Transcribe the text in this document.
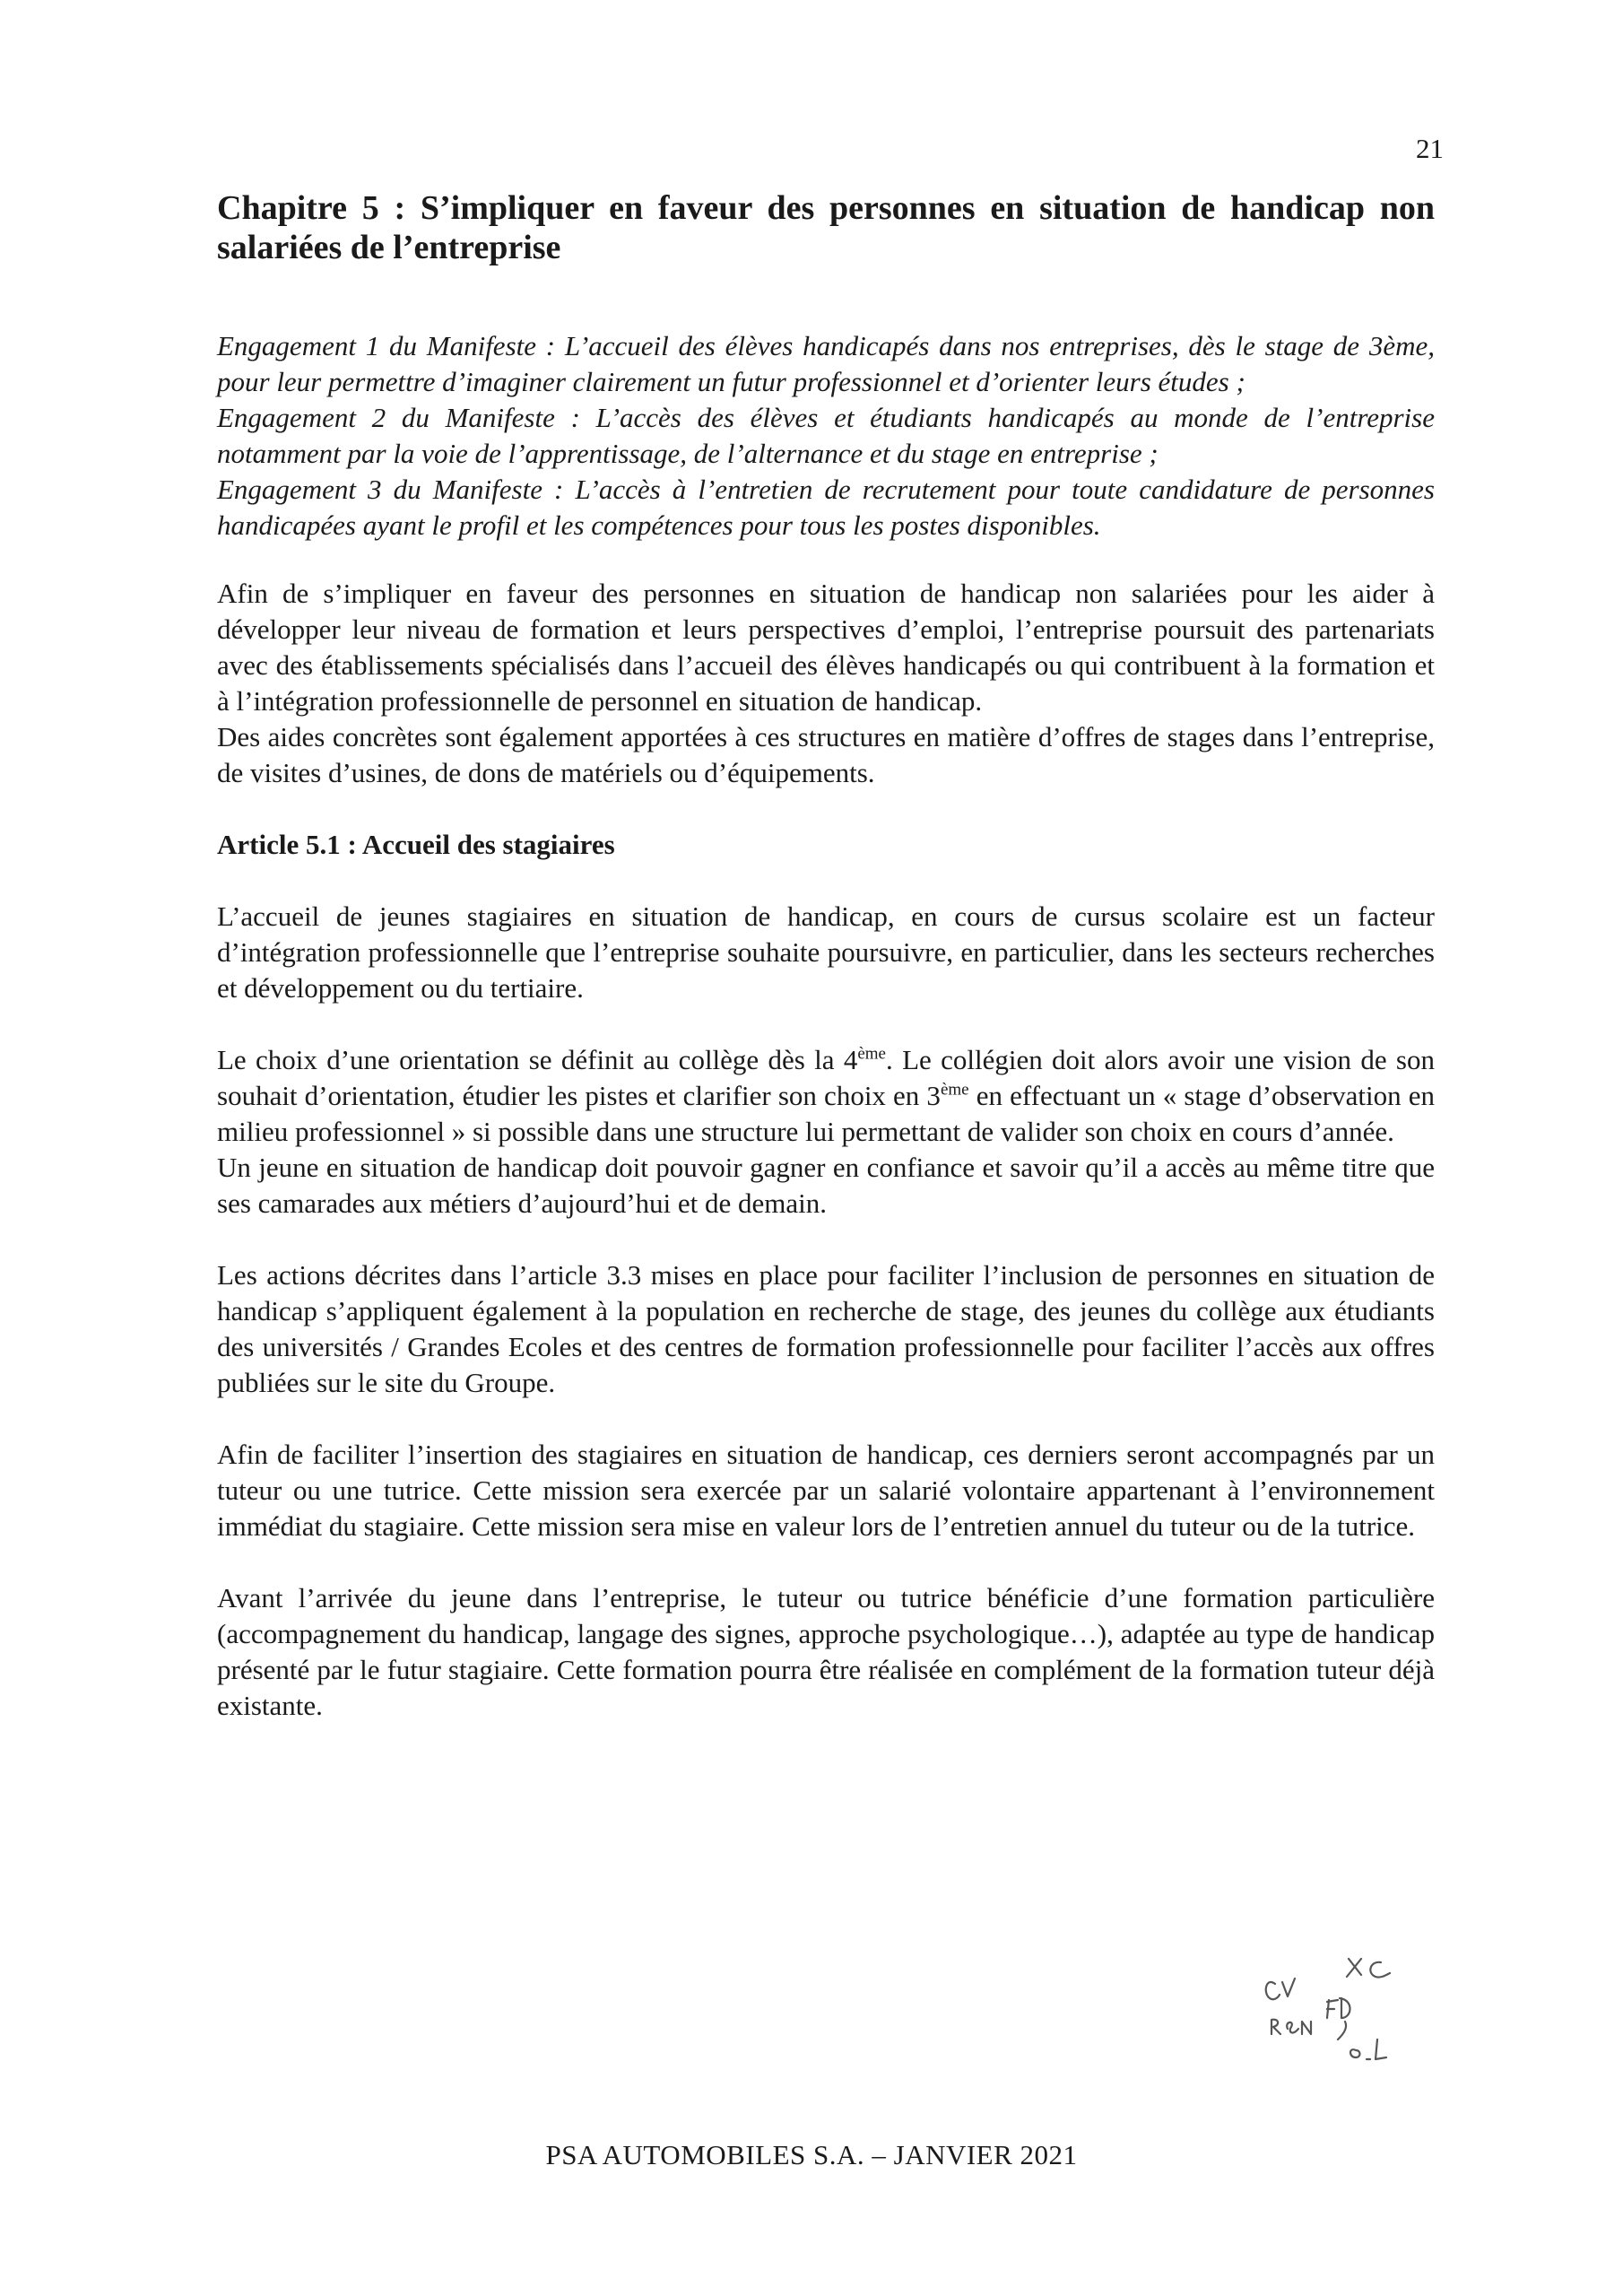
21
Chapitre 5 : S’impliquer en faveur des personnes en situation de handicap non salariées de l’entreprise

Engagement 1 du Manifeste : L’accueil des élèves handicapés dans nos entreprises, dès le stage de 3ème, pour leur permettre d’imaginer clairement un futur professionnel et d’orienter leurs études ;

Engagement 2 du Manifeste : L’accès des élèves et étudiants handicapés au monde de l’entreprise notamment par la voie de l’apprentissage, de l’alternance et du stage en entreprise ;

Engagement 3 du Manifeste : L’accès à l’entretien de recrutement pour toute candidature de personnes handicapées ayant le profil et les compétences pour tous les postes disponibles.

Afin de s’impliquer en faveur des personnes en situation de handicap non salariées pour les aider à développer leur niveau de formation et leurs perspectives d’emploi, l’entreprise poursuit des partenariats avec des établissements spécialisés dans l’accueil des élèves handicapés ou qui contribuent à la formation et à l’intégration professionnelle de personnel en situation de handicap.

Des aides concrètes sont également apportées à ces structures en matière d’offres de stages dans l’entreprise, de visites d’usines, de dons de matériels ou d’équipements.

Article 5.1 : Accueil des stagiaires

L’accueil de jeunes stagiaires en situation de handicap, en cours de cursus scolaire est un facteur d’intégration professionnelle que l’entreprise souhaite poursuivre, en particulier, dans les secteurs recherches et développement ou du tertiaire.

Le choix d’une orientation se définit au collège dès la 4ème. Le collégien doit alors avoir une vision de son souhait d’orientation, étudier les pistes et clarifier son choix en 3ème en effectuant un « stage d’observation en milieu professionnel » si possible dans une structure lui permettant de valider son choix en cours d’année.

Un jeune en situation de handicap doit pouvoir gagner en confiance et savoir qu’il a accès au même titre que ses camarades aux métiers d’aujourd’hui et de demain.

Les actions décrites dans l’article 3.3 mises en place pour faciliter l’inclusion de personnes en situation de handicap s’appliquent également à la population en recherche de stage, des jeunes du collège aux étudiants des universités / Grandes Ecoles et des centres de formation professionnelle pour faciliter l’accès aux offres publiées sur le site du Groupe.

Afin de faciliter l’insertion des stagiaires en situation de handicap, ces derniers seront accompagnés par un tuteur ou une tutrice. Cette mission sera exercée par un salarié volontaire appartenant à l’environnement immédiat du stagiaire. Cette mission sera mise en valeur lors de l’entretien annuel du tuteur ou de la tutrice.

Avant l’arrivée du jeune dans l’entreprise, le tuteur ou tutrice bénéficie d’une formation particulière (accompagnement du handicap, langage des signes, approche psychologique…), adaptée au type de handicap présenté par le futur stagiaire. Cette formation pourra être réalisée en complément de la formation tuteur déjà existante.

PSA AUTOMOBILES S.A. – JANVIER 2021
